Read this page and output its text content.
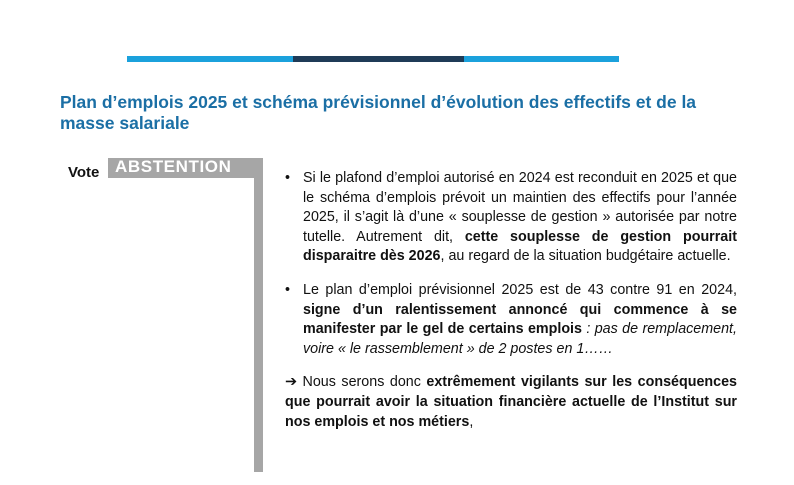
Plan d’emplois 2025 et schéma prévisionnel d’évolution des effectifs et de la masse salariale
Vote ABSTENTION
• Si le plafond d’emploi autorisé en 2024 est reconduit en 2025 et que le schéma d’emplois prévoit un maintien des effectifs pour l’année 2025, il s’agit là d’une « souplesse de gestion » autorisée par notre tutelle. Autrement dit, cette souplesse de gestion pourrait disparaitre dès 2026, au regard de la situation budgétaire actuelle.
• Le plan d’emploi prévisionnel 2025 est de 43 contre 91 en 2024, signe d’un ralentissement annoncé qui commence à se manifester par le gel de certains emplois : pas de remplacement, voire « le rassemblement » de 2 postes en 1……
➔ Nous serons donc extrêmement vigilants sur les conséquences que pourrait avoir la situation financière actuelle de l’Institut sur nos emplois et nos métiers,
